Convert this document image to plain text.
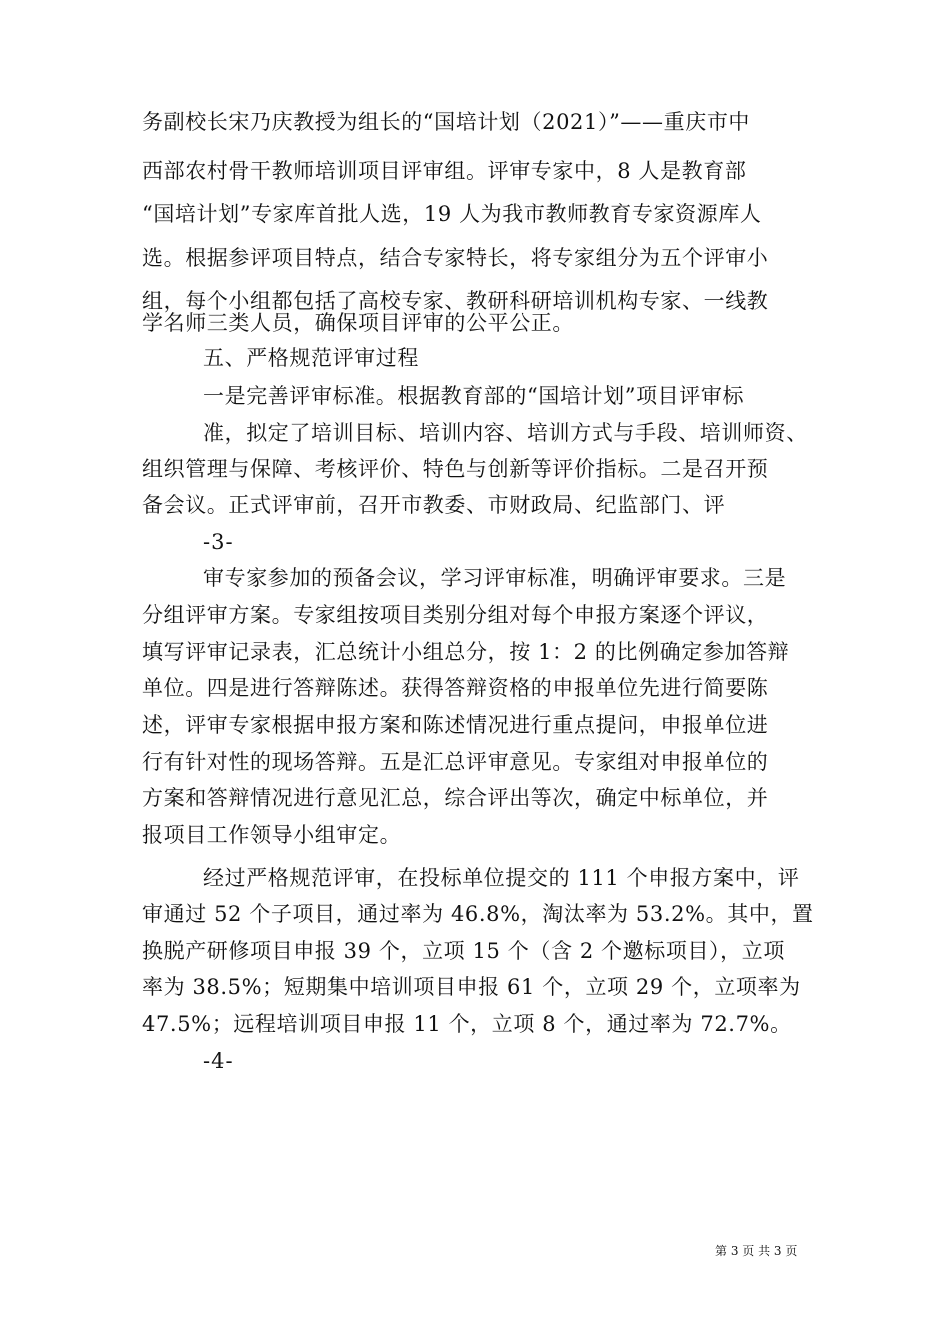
务副校长宋乃庆教授为组长的“国培计划（2021）”——重庆市中
西部农村骨干教师培训项目评审组。评审专家中，8 人是教育部
“国培计划”专家库首批人选，19 人为我市教师教育专家资源库人
选。根据参评项目特点，结合专家特长，将专家组分为五个评审小
组，每个小组都包括了高校专家、教研科研培训机构专家、一线教
学名师三类人员，确保项目评审的公平公正。
五、严格规范评审过程
一是完善评审标准。根据教育部的“国培计划”项目评审标
准，拟定了培训目标、培训内容、培训方式与手段、培训师资、
组织管理与保障、考核评价、特色与创新等评价指标。二是召开预
备会议。正式评审前，召开市教委、市财政局、纪监部门、评
-3-
审专家参加的预备会议，学习评审标准，明确评审要求。三是
分组评审方案。专家组按项目类别分组对每个申报方案逐个评议，
填写评审记录表，汇总统计小组总分，按 1：2 的比例确定参加答辩
单位。四是进行答辩陈述。获得答辩资格的申报单位先进行简要陈
述，评审专家根据申报方案和陈述情况进行重点提问，申报单位进
行有针对性的现场答辩。五是汇总评审意见。专家组对申报单位的
方案和答辩情况进行意见汇总，综合评出等次，确定中标单位，并
报项目工作领导小组审定。
经过严格规范评审，在投标单位提交的 111 个申报方案中，评
审通过 52 个子项目，通过率为 46.8%，淘汰率为 53.2%。其中，置
换脱产研修项目申报 39 个，立项 15 个（含 2 个邀标项目），立项
率为 38.5%；短期集中培训项目申报 61 个，立项 29 个，立项率为
47.5%；远程培训项目申报 11 个，立项 8 个，通过率为 72.7%。
-4-
第 3 页 共 3 页
